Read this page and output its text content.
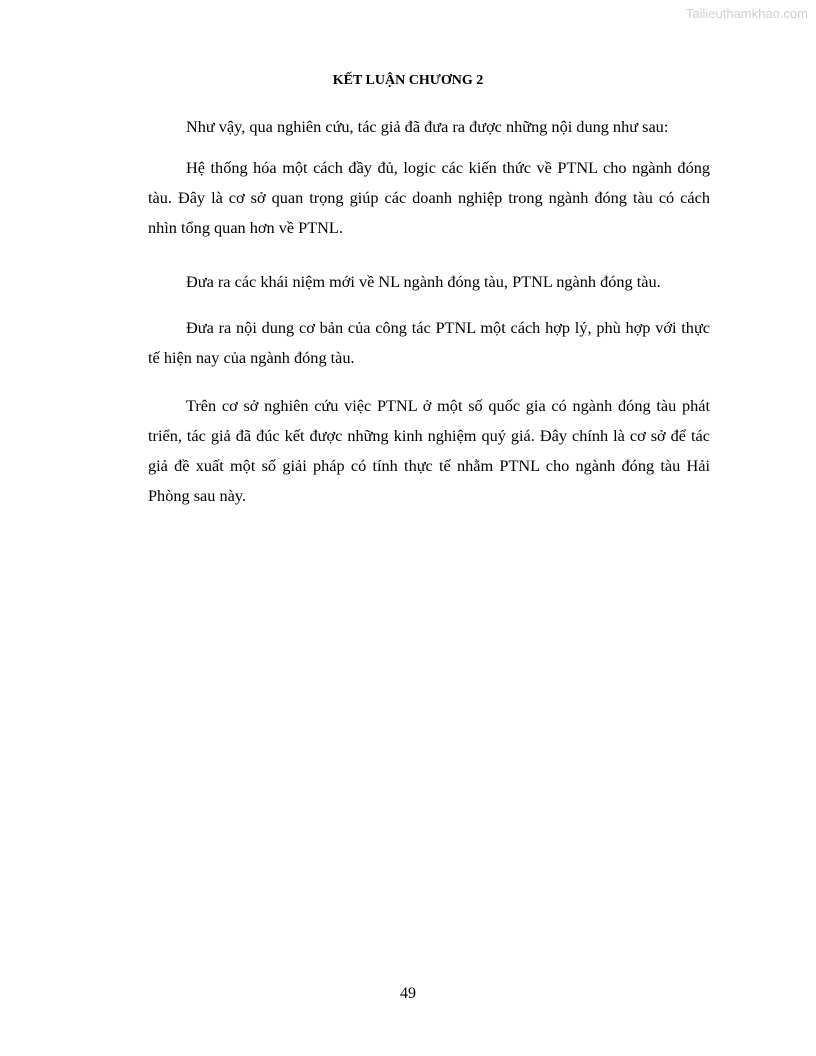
Tailieuthamkhao.com
KẾT LUẬN CHƯƠNG 2

Như vậy, qua nghiên cứu, tác giả đã đưa ra được những nội dung như sau:

Hệ thống hóa một cách đầy đủ, logic các kiến thức về PTNL cho ngành đóng tàu. Đây là cơ sở quan trọng giúp các doanh nghiệp trong ngành đóng tàu có cách nhìn tổng quan hơn về PTNL.

Đưa ra các khái niệm mới về NL ngành đóng tàu, PTNL ngành đóng tàu.

Đưa ra nội dung cơ bản của công tác PTNL một cách hợp lý, phù hợp với thực tế hiện nay của ngành đóng tàu.

Trên cơ sở nghiên cứu việc PTNL ở một số quốc gia có ngành đóng tàu phát triển, tác giả đã đúc kết được những kinh nghiệm quý giá. Đây chính là cơ sở để tác giả đề xuất một số giải pháp có tính thực tế nhằm PTNL cho ngành đóng tàu Hải Phòng sau này.

49
